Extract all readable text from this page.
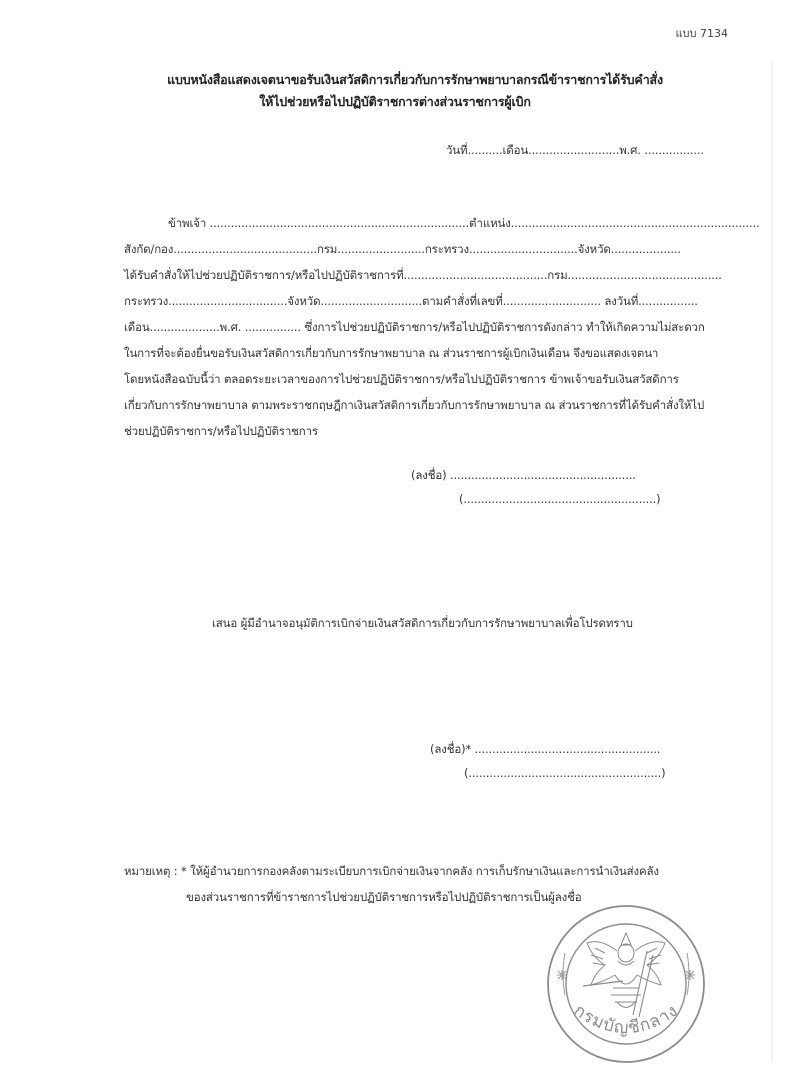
แบบ 7134
แบบหนังสือแสดงเจตนาขอรับเงินสวัสดิการเกี่ยวกับการรักษาพยาบาลกรณีข้าราชการได้รับคำสั่ง
ให้ไปช่วยหรือไปปฏิบัติราชการต่างส่วนราชการผู้เบิก
วันที่..........เดือน..........................พ.ศ. .................
ข้าพเจ้า ..........................................................................ตำแหน่ง.......................................................................
สังกัด/กอง.........................................กรม.........................กระทรวง...............................จังหวัด....................
ได้รับคำสั่งให้ไปช่วยปฏิบัติราชการ/หรือไปปฏิบัติราชการที่.........................................กรม............................................
กระทรวง..................................จังหวัด.............................ตามคำสั่งที่เลขที่............................ ลงวันที่.................
เดือน....................พ.ศ. ................ ซึ่งการไปช่วยปฏิบัติราชการ/หรือไปปฏิบัติราชการดังกล่าว ทำให้เกิดความไม่สะดวก
ในการที่จะต้องยื่นขอรับเงินสวัสดิการเกี่ยวกับการรักษาพยาบาล ณ ส่วนราชการผู้เบิกเงินเดือน จึงขอแสดงเจตนา
โดยหนังสือฉบับนี้ว่า ตลอดระยะเวลาของการไปช่วยปฏิบัติราชการ/หรือไปปฏิบัติราชการ ข้าพเจ้าขอรับเงินสวัสดิการ
เกี่ยวกับการรักษาพยาบาล ตามพระราชกฤษฎีกาเงินสวัสดิการเกี่ยวกับการรักษาพยาบาล ณ ส่วนราชการที่ได้รับคำสั่งให้ไป
ช่วยปฏิบัติราชการ/หรือไปปฏิบัติราชการ
(ลงชื่อ) .....................................................
(.......................................................)
เสนอ ผู้มีอำนาจอนุมัติการเบิกจ่ายเงินสวัสดิการเกี่ยวกับการรักษาพยาบาลเพื่อโปรดทราบ
(ลงชื่อ)* .....................................................
(.......................................................)
หมายเหตุ : * ให้ผู้อำนวยการกองคลังตามระเบียบการเบิกจ่ายเงินจากคลัง การเก็บรักษาเงินและการนำเงินส่งคลัง
ของส่วนราชการที่ข้าราชการไปช่วยปฏิบัติราชการหรือไปปฏิบัติราชการเป็นผู้ลงชื่อ
กรมบัญชีกลาง
